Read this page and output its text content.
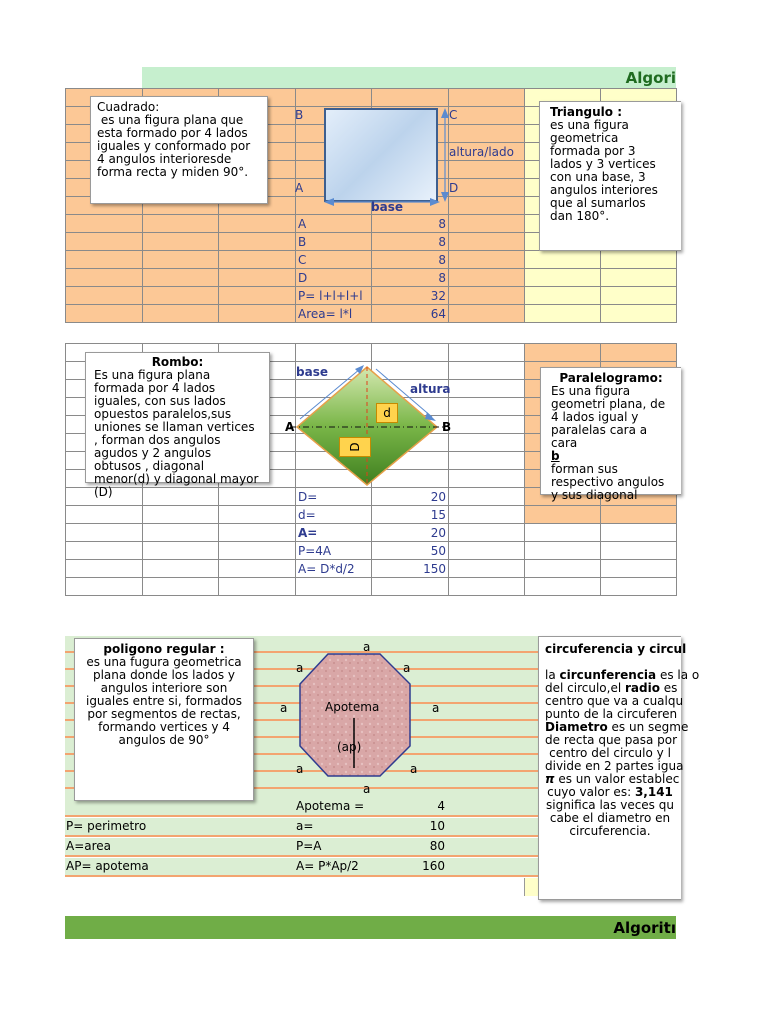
Algori

			A	8			
			B	8			
			C	8			
			D	8			
			P= l+l+l+l	32			
			Area= l*l	64			
B	C
A	D
altura/lado
base
Cuadrado:
es una figura plana que esta formado por 4 lados iguales y conformado por 4 angulos interioresde forma recta y miden 90°.
Triangulo :
es una figura geometrica formada por 3 lados y 3 vertices con una base, 3 angulos interiores que al sumarlos dan 180°.

			D=	20			
			d=	15			
			A=	20			
			P=4A	50			
			A= D*d/2	150			

base
altura
A	B
d
D
Rombo:
Es una figura plana formada por 4 lados iguales, con sus lados opuestos paralelos,sus uniones se llaman vertices , forman dos angulos agudos y 2 angulos obtusos , diagonal menor(d) y diagonal mayor (D)
Paralelogramo:
Es una figura geometri plana, de 4 lados igual y paralelas cara a cara
b
forman sus respectivo angulos y sus diagonal
Apotema =	4
P= perimetro	a=	10
A=area	P=A	80
AP= apotema	A= P*Ap/2	160
Apotema
(ap)
a
a	a
a	a
a	a
a
poligono regular :
es una fugura geometrica plana donde los lados y angulos interiore son iguales entre si, formados por segmentos de rectas, formando vertices y 4 angulos de 90°
circuferencia y circul
la circunferencia es la o
del circulo,el radio es
centro que va a cualqu
punto de la circuferen
Diametro es un segme
de recta que pasa por
centro del circulo y l
divide en 2 partes igua
π es un valor establec
cuyo valor es: 3,141
significa las veces qu
cabe el diametro en
circuferencia.
Algoritı
